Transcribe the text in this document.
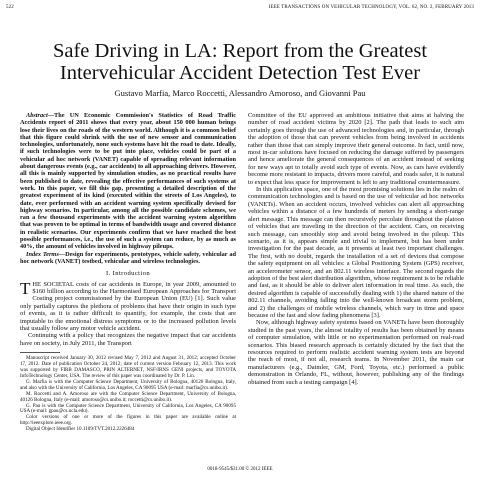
522	IEEE TRANSACTIONS ON VEHICULAR TECHNOLOGY, VOL. 62, NO. 2, FEBRUARY 2013
Safe Driving in LA: Report from the Greatest Intervehicular Accident Detection Test Ever
Gustavo Marfia, Marco Roccetti, Alessandro Amoroso, and Giovanni Pau

Abstract—The UN Economic Commission's Statistics of Road Traffic Accidents report of 2011 shows that every year, about 150 000 human beings lose their lives on the roads of the western world. Although it is a common belief that this figure could shrink with the use of new sensor and communication technologies, unfortunately, none such systems have hit the road to date. Ideally, if such technologies were to be put into place, vehicles could be part of a vehicular ad hoc network (VANET) capable of spreading relevant information about dangerous events (e.g., car accidents) to all approaching drivers. However, all this is mainly supported by simulation studies, as no practical results have been published to date, revealing the effective performances of such systems at work. In this paper, we fill this gap, presenting a detailed description of the greatest experiment of its kind (executed within the streets of Los Angeles), to date, ever performed with an accident warning system specifically devised for highway scenarios. In particular, among all the possible candidate schemes, we ran a few thousand experiments with the accident warning system algorithm that was proven to be optimal in terms of bandwidth usage and covered distance in realistic scenarios. Our experiments confirm that we have reached the best possible performances, i.e., the use of such a system can reduce, by as much as 40%, the amount of vehicles involved in highway pileups.

Index Terms—Design for experiments, prototypes, vehicle safety, vehicular ad hoc network (VANET) testbed, vehicular and wireless technologies.

I. Introduction

THE SOCIETAL costs of car accidents in Europe, in year 2009, amounted to $160 billion according to the Harmonised European Approaches for Transport Costing project commissioned by the European Union (EU) [1]. Such value only partially captures the plethora of problems that have their origin in such type of events, as it is rather difficult to quantify, for example, the costs that are imputable to the emotional distress symptoms or to the increased pollution levels that usually follow any motor vehicle accident.

Continuing with a policy that recognizes the negative impact that car accidents have on society, in July 2011, the Transport

Manuscript received January 30, 2012 revised May 7, 2012 and August 31, 2012; accepted October 17, 2012. Date of publication October 24, 2012; date of current version February 12, 2013. This work was supported by FIRB DAMASCO, PRIN ALTERNET, NSF/IRNS GENI projects, and TOYOTA InfoTechnology Center, USA. The review of this paper was coordinated by Dr. P. Lin.

G. Marfia is with the Computer Science Department, University of Bologna, 40126 Bologna, Italy, and also with the University of California, Los Angeles, CA 90095 USA (e-mail: marfia@cs.unibo.it).

M. Roccetti and A. Amoroso are with the Computer Science Department, University of Bologna, 40126 Bologna, Italy (e-mail: amoroso@cs.unibo.it; roccetti@cs.unibo.it).

G. Pau is with the Computer Science Department, University of California, Los Angeles, CA 90095 USA (e-mail: gpau@cs.ucla.edu).

Color versions of one or more of the figures in this paper are available online at http://ieeexplore.ieee.org.

Digital Object Identifier 10.1109/TVT.2012.2226484

Committee of the EU approved an ambitious initiative that aims at halving the number of road accident victims by 2020 [2]. The path that leads to such aim certainly goes through the use of advanced technologies and, in particular, through the adoption of those that can prevent vehicles from being involved in accidents rather than those that can simply improve their general outcome. In fact, until now, most in-car solutions have focused on reducing the damage suffered by passengers and hence ameliorate the general consequences of an accident instead of seeking for new ways apt to totally avoid such type of events. Now, as cars have evidently become more resistant to impacts, drivers more careful, and roads safer, it is natural to expect that less space for improvement is left to any traditional countermeasure.

In this application space, one of the most promising solutions lies in the realm of communication technologies and is based on the use of vehicular ad hoc networks (VANETs). When an accident occurs, involved vehicles can alert all approaching vehicles within a distance of a few hundreds of meters by sending a short-range alert message. This message can then recursively percolate throughout the platoon of vehicles that are traveling in the direction of the accident. Cars, on receiving such message, can smoothly stop and avoid being involved in the pileup. This scenario, as it is, appears simple and trivial to implement, but has been under investigation for the past decade, as it presents at least two important challenges. The first, with no doubt, regards the installation of a set of devices that compose the safety equipment on all vehicles: a Global Positioning System (GPS) receiver, an accelerometer sensor, and an 802.11 wireless interface. The second regards the adoption of the best alert distribution algorithm, whose requirement is to be reliable and fast, as it should be able to deliver alert information in real time. As such, the desired algorithm is capable of successfully dealing with 1) the shared nature of the 802.11 channels, avoiding falling into the well-known broadcast storm problem, and 2) the challenges of mobile wireless channels, which vary in time and space because of the fast and slow fading phenomena [3].

Now, although highway safety systems based on VANETs have been thoroughly studied in the past years, the almost totality of results has been obtained by means of computer simulation, with little or no experimentation performed on real-road scenarios. This biased research approach is certainly dictated by the fact that the resources required to perform realistic accident warning system tests are beyond the reach of most, if not all, research teams. In November 2011, the main car manufacturers (e.g., Daimler, GM, Ford, Toyota, etc.) performed a public demonstration in Orlando, FL, without, however, publishing any of the findings obtained from such a testing campaign [4].

0018-9545/$31.00 © 2012 IEEE
